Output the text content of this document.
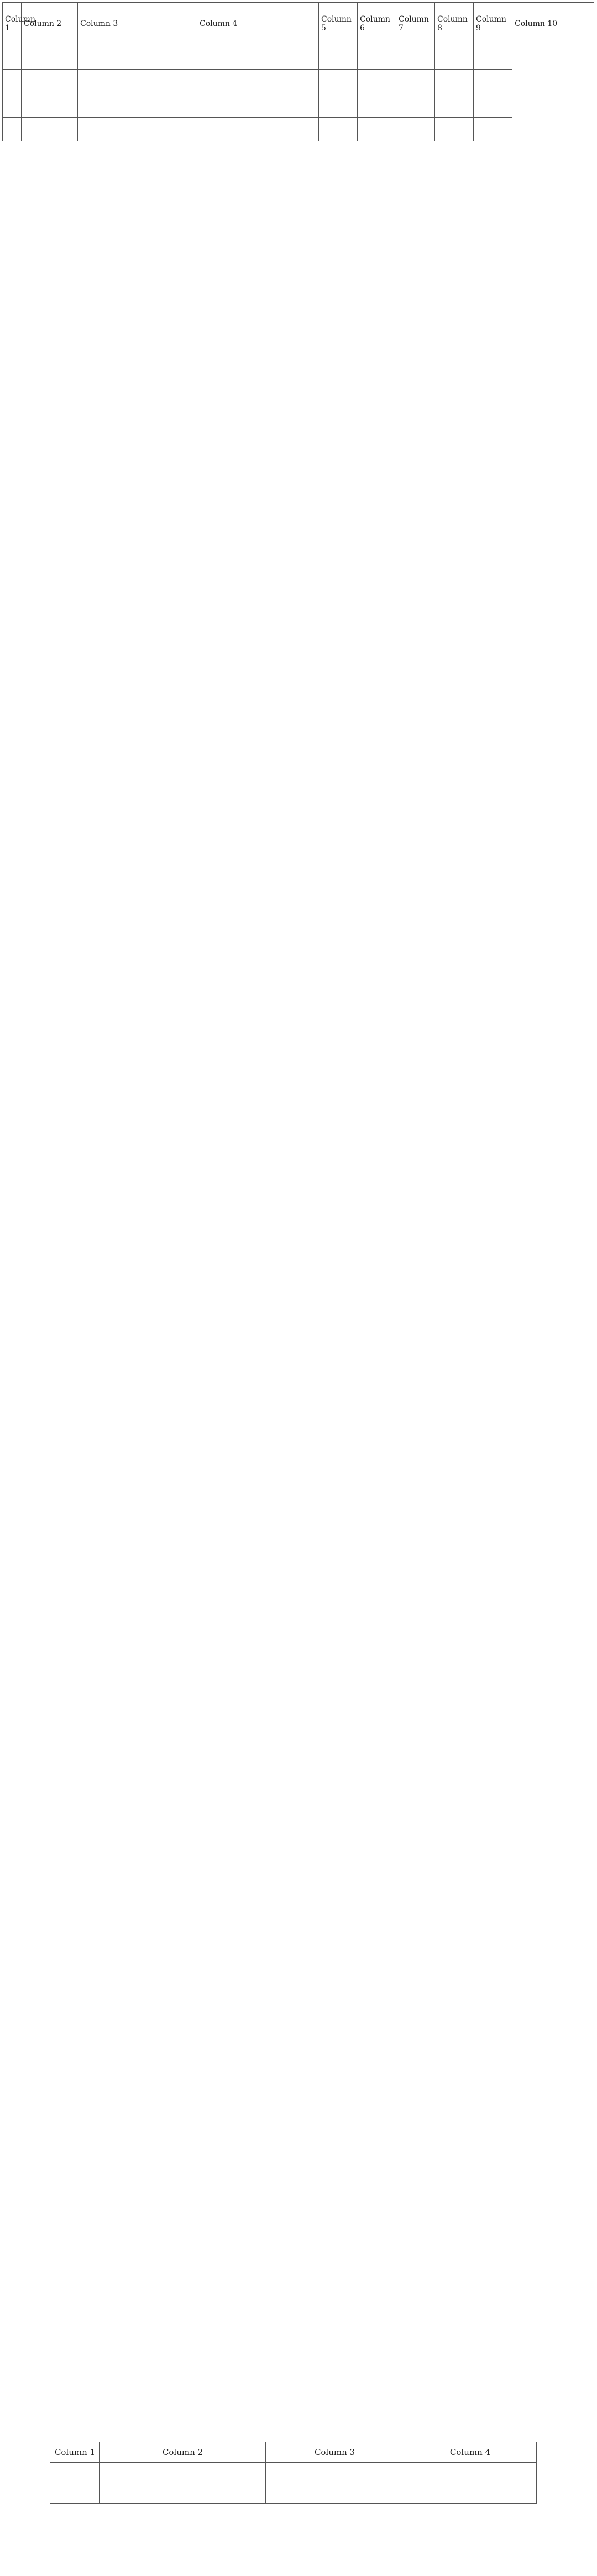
Column 1	Column 2	Column 3	Column 4	Column 5	Column 6	Column 7	Column 8	Column 9	Column 10

Column 1	Column 2	Column 3	Column 4
